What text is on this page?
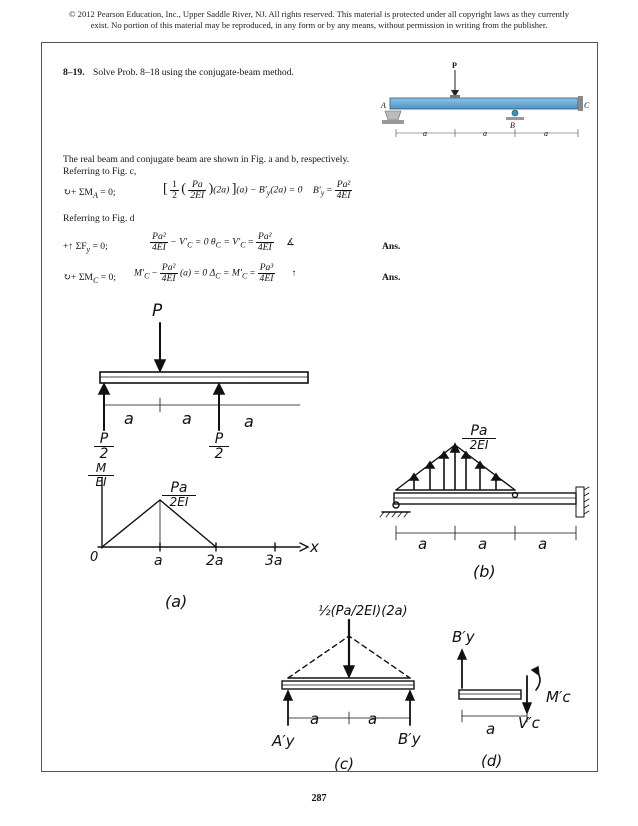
© 2012 Pearson Education, Inc., Upper Saddle River, NJ. All rights reserved. This material is protected under all copyright laws as they currently
exist. No portion of this material may be reproduced, in any form or by any means, without permission in writing from the publisher.
8–19. Solve Prob. 8–18 using the conjugate-beam method.
P
A
B
C
a	a	a
The real beam and conjugate beam are shown in Fig. a and b, respectively.
Referring to Fig. c,
↻+ $\Sigma M_A = 0$;	[ $\frac{1}{2}$ ( $\frac{Pa}{2EI} )(2a)$ ]$(a) - B'_y(2a) = 0$ $B'_y = \frac{\text{Pa²}}{4EI}$
Referring to Fig. d
+↑ $\Sigma F_y = 0$;	$\frac{\text{Pa²}}{4EI} - V'_C = 0$ $\theta_C = V'_C = \frac{\text{Pa²}}{4EI}$ ∡	Ans.
↻+ $\Sigma M_C = 0$; $M'_C - \frac{\text{Pa²}}{4EI} (a) = 0$ $\Delta_C = M'_C = \frac{\text{Pa³}}{4EI}$ ↑	Ans.
P
a	a	a
P
2
P
2
M
EI	Pa
2EI
0
x
a	2a	3a
(a)
Pa
2EI
a	a	a
(b)
½(Pa/2EI)(2a)
a	a
A′y	B′y
(c)
B′y
a
M′c
V′c
(d)
287
